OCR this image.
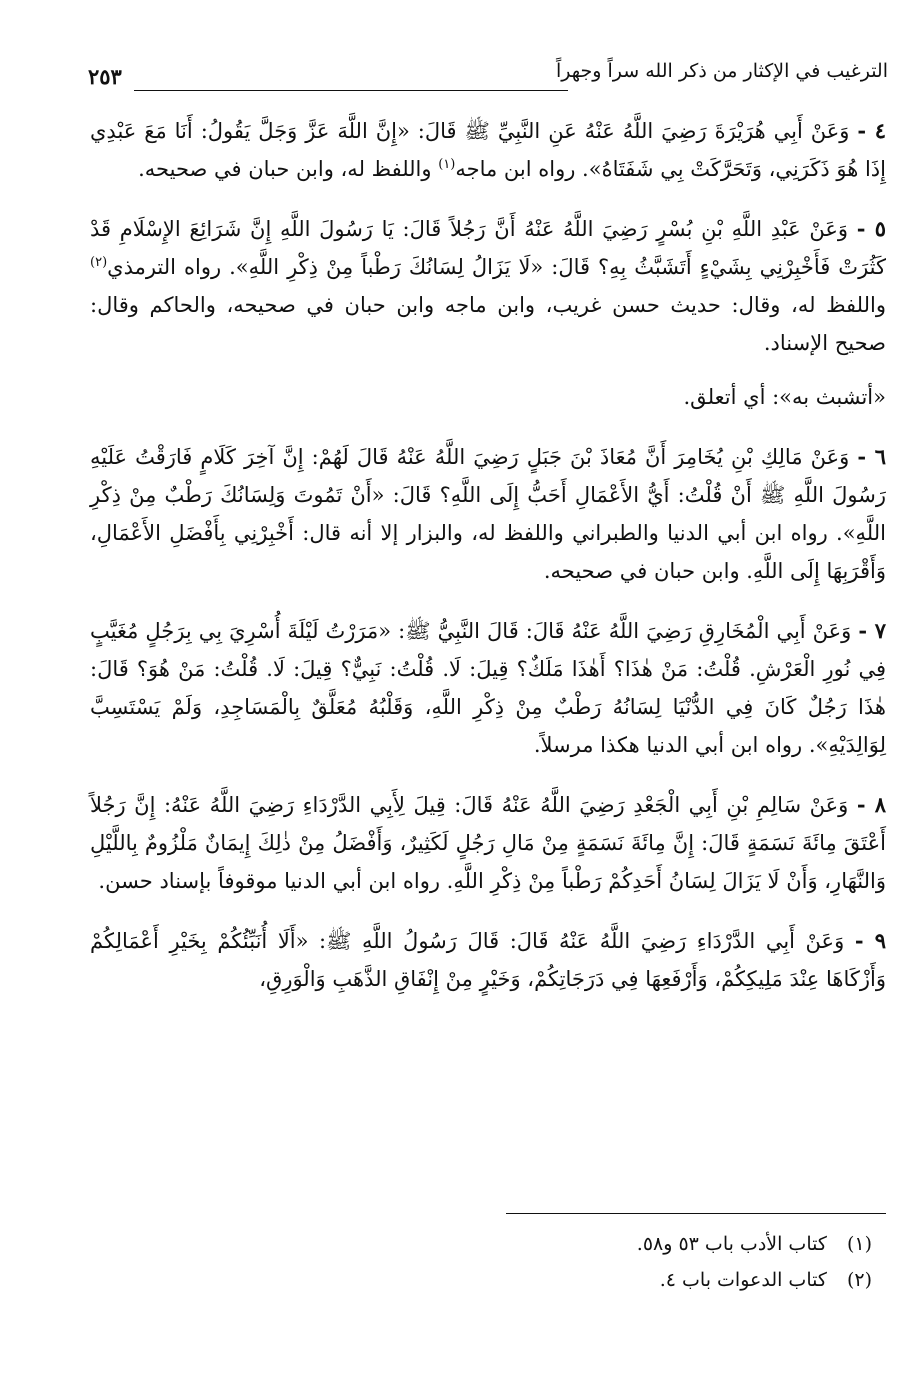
الترغيب في الإكثار من ذكر الله سراً وجهراً
٢٥٣

٤ - وَعَنْ أَبِي هُرَيْرَةَ رَضِيَ اللَّهُ عَنْهُ عَنِ النَّبِيِّ ﷺ قَالَ: «إِنَّ اللَّهَ عَزَّ وَجَلَّ يَقُولُ: أَنَا مَعَ عَبْدِي إِذَا هُوَ ذَكَرَنِي، وَتَحَرَّكَتْ بِي شَفَتَاهُ». رواه ابن ماجه$^{(١)}$ واللفظ له، وابن حبان في صحيحه.

٥ - وَعَنْ عَبْدِ اللَّهِ بْنِ بُسْرٍ رَضِيَ اللَّهُ عَنْهُ أَنَّ رَجُلاً قَالَ: يَا رَسُولَ اللَّهِ إِنَّ شَرَائِعَ الإِسْلَامِ قَدْ كَثُرَتْ فَأَخْبِرْنِي بِشَيْءٍ أَتَشَبَّثُ بِهِ؟ قَالَ: «لَا يَزَالُ لِسَانُكَ رَطْباً مِنْ ذِكْرِ اللَّهِ». رواه الترمذي$^{(٢)}$ واللفظ له، وقال: حديث حسن غريب، وابن ماجه وابن حبان في صحيحه، والحاكم وقال: صحيح الإسناد.

«أتشبث به»: أي أتعلق.

٦ - وَعَنْ مَالِكِ بْنِ يُخَامِرَ أَنَّ مُعَاذَ بْنَ جَبَلٍ رَضِيَ اللَّهُ عَنْهُ قَالَ لَهُمْ: إِنَّ آخِرَ كَلَامٍ فَارَقْتُ عَلَيْهِ رَسُولَ اللَّهِ ﷺ أَنْ قُلْتُ: أَيُّ الأَعْمَالِ أَحَبُّ إِلَى اللَّهِ؟ قَالَ: «أَنْ تَمُوتَ وَلِسَانُكَ رَطْبٌ مِنْ ذِكْرِ اللَّهِ». رواه ابن أبي الدنيا والطبراني واللفظ له، والبزار إلا أنه قال: أَخْبِرْنِي بِأَفْضَلِ الأَعْمَالِ، وَأَقْرَبِهَا إِلَى اللَّهِ. وابن حبان في صحيحه.

٧ - وَعَنْ أَبِي الْمُخَارِقِ رَضِيَ اللَّهُ عَنْهُ قَالَ: قَالَ النَّبِيُّ ﷺ: «مَرَرْتُ لَيْلَةَ أُسْرِيَ بِي بِرَجُلٍ مُغَيَّبٍ فِي نُورِ الْعَرْشِ. قُلْتُ: مَنْ هٰذَا؟ أَهٰذَا مَلَكٌ؟ قِيلَ: لَا. قُلْتُ: نَبِيٌّ؟ قِيلَ: لَا. قُلْتُ: مَنْ هُوَ؟ قَالَ: هٰذَا رَجُلٌ كَانَ فِي الدُّنْيَا لِسَانُهُ رَطْبٌ مِنْ ذِكْرِ اللَّهِ، وَقَلْبُهُ مُعَلَّقٌ بِالْمَسَاجِدِ، وَلَمْ يَسْتَسِبَّ لِوَالِدَيْهِ». رواه ابن أبي الدنيا هكذا مرسلاً.

٨ - وَعَنْ سَالِمِ بْنِ أَبِي الْجَعْدِ رَضِيَ اللَّهُ عَنْهُ قَالَ: قِيلَ لِأَبِي الدَّرْدَاءِ رَضِيَ اللَّهُ عَنْهُ: إِنَّ رَجُلاً أَعْتَقَ مِائَةَ نَسَمَةٍ قَالَ: إِنَّ مِائَةَ نَسَمَةٍ مِنْ مَالِ رَجُلٍ لَكَثِيرٌ، وَأَفْضَلُ مِنْ ذٰلِكَ إِيمَانٌ مَلْزُومٌ بِاللَّيْلِ وَالنَّهَارِ، وَأَنْ لَا يَزَالَ لِسَانُ أَحَدِكُمْ رَطْباً مِنْ ذِكْرِ اللَّهِ. رواه ابن أبي الدنيا موقوفاً بإسناد حسن.

٩ - وَعَنْ أَبِي الدَّرْدَاءِ رَضِيَ اللَّهُ عَنْهُ قَالَ: قَالَ رَسُولُ اللَّهِ ﷺ: «أَلَا أُنَبِّئُكُمْ بِخَيْرِ أَعْمَالِكُمْ وَأَزْكَاهَا عِنْدَ مَلِيكِكُمْ، وَأَرْفَعِهَا فِي دَرَجَاتِكُمْ، وَخَيْرٍ مِنْ إِنْفَاقِ الذَّهَبِ وَالْوَرِقِ،

(١) كتاب الأدب باب ٥٣ و٥٨.
(٢) كتاب الدعوات باب ٤.
